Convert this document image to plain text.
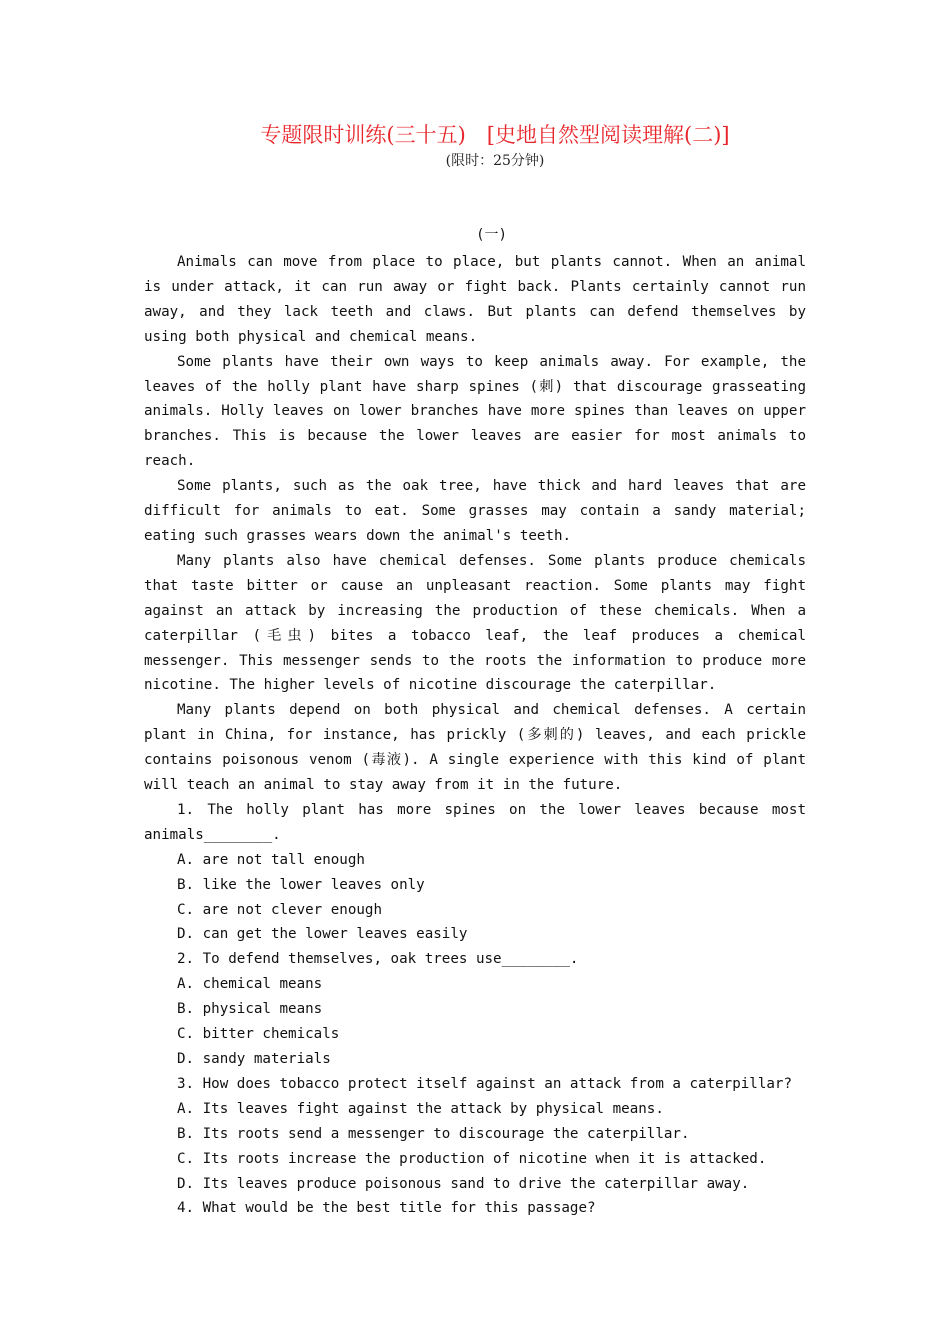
专题限时训练(三十五)　[史地自然型阅读理解(二)]
(限时：25分钟)
(一)

Animals can move from place to place, but plants cannot. When an animal is under attack, it can run away or fight back. Plants certainly cannot run away, and they lack teeth and claws. But plants can defend themselves by using both physical and chemical means.

Some plants have their own ways to keep animals away. For example, the leaves of the holly plant have sharp spines (刺) that discourage grasseating animals. Holly leaves on lower branches have more spines than leaves on upper branches. This is because the lower leaves are easier for most animals to reach.

Some plants, such as the oak tree, have thick and hard leaves that are difficult for animals to eat. Some grasses may contain a sandy material; eating such grasses wears down the animal's teeth.

Many plants also have chemical defenses. Some plants produce chemicals that taste bitter or cause an unpleasant reaction. Some plants may fight against an attack by increasing the production of these chemicals. When a caterpillar (毛虫) bites a tobacco leaf, the leaf produces a chemical messenger. This messenger sends to the roots the information to produce more nicotine. The higher levels of nicotine discourage the caterpillar.

Many plants depend on both physical and chemical defenses. A certain plant in China, for instance, has prickly (多刺的) leaves, and each prickle contains poisonous venom (毒液). A single experience with this kind of plant will teach an animal to stay away from it in the future.

1. The holly plant has more spines on the lower leaves because most animals________.

A. are not tall enough
B. like the lower leaves only
C. are not clever enough
D. can get the lower leaves easily

2. To defend themselves, oak trees use________.

A. chemical means
B. physical means
C. bitter chemicals
D. sandy materials

3. How does tobacco protect itself against an attack from a caterpillar?

A. Its leaves fight against the attack by physical means.
B. Its roots send a messenger to discourage the caterpillar.
C. Its roots increase the production of nicotine when it is attacked.
D. Its leaves produce poisonous sand to drive the caterpillar away.

4. What would be the best title for this passage?
